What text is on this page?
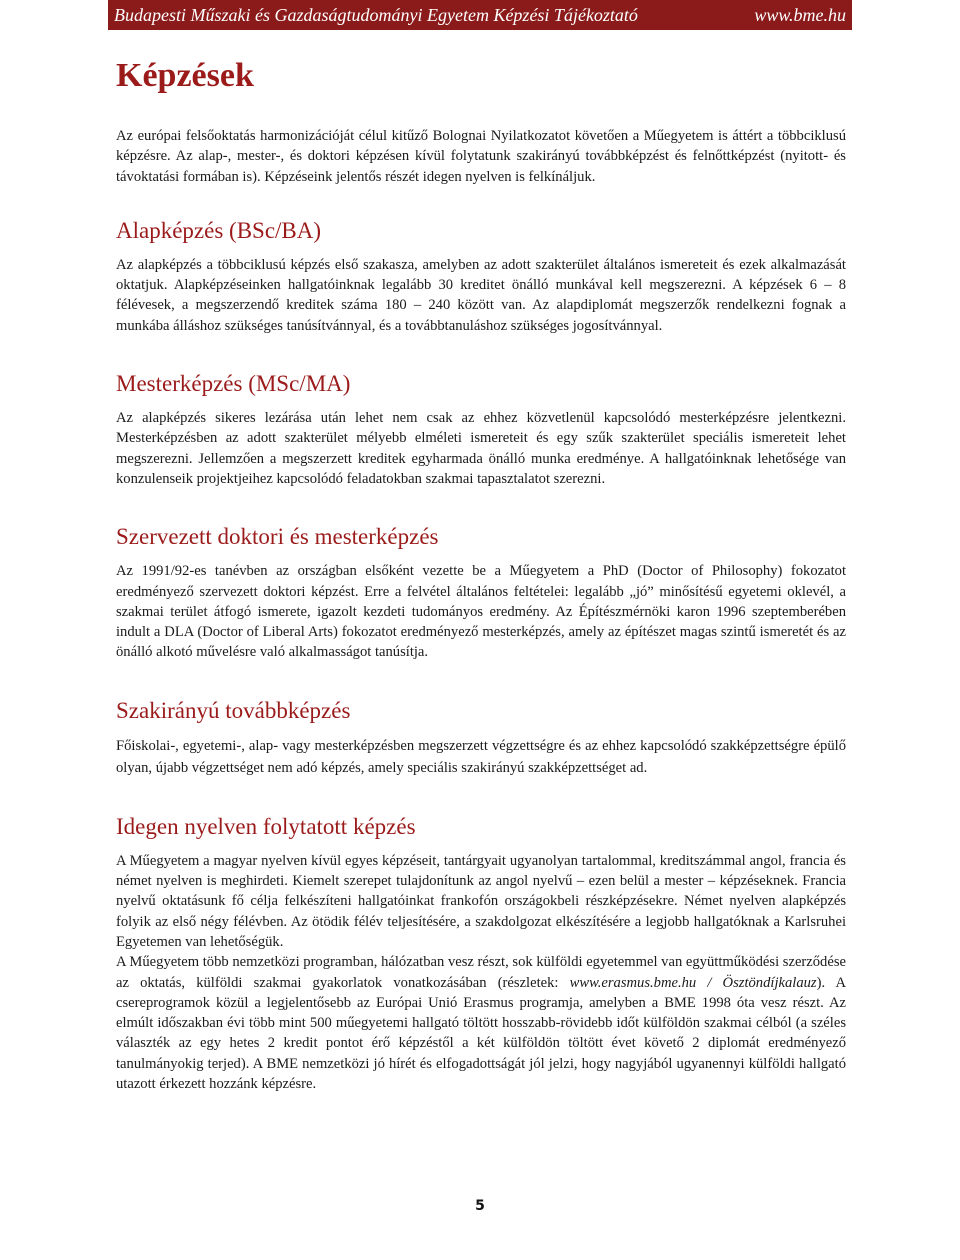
Budapesti Műszaki és Gazdaságtudományi Egyetem Képzési Tájékoztató	www.bme.hu
Képzések

Az európai felsőoktatás harmonizációját célul kitűző Bolognai Nyilatkozatot követően a Műegyetem is áttért a többciklusú képzésre. Az alap-, mester-, és doktori képzésen kívül folytatunk szakirányú továbbképzést és felnőttképzést (nyitott- és távoktatási formában is). Képzéseink jelentős részét idegen nyelven is felkínáljuk.

Alapképzés (BSc/BA)

Az alapképzés a többciklusú képzés első szakasza, amelyben az adott szakterület általános ismereteit és ezek alkalmazását oktatjuk. Alapképzéseinken hallgatóinknak legalább 30 kreditet önálló munkával kell megszerezni. A képzések 6 – 8 félévesek, a megszerzendő kreditek száma 180 – 240 között van. Az alapdiplomát megszerzők rendelkezni fognak a munkába álláshoz szükséges tanúsítvánnyal, és a továbbtanuláshoz szükséges jogosítvánnyal.

Mesterképzés (MSc/MA)

Az alapképzés sikeres lezárása után lehet nem csak az ehhez közvetlenül kapcsolódó mesterképzésre jelentkezni. Mesterképzésben az adott szakterület mélyebb elméleti ismereteit és egy szűk szakterület speciális ismereteit lehet megszerezni. Jellemzően a megszerzett kreditek egyharmada önálló munka eredménye. A hallgatóinknak lehetősége van konzulenseik projektjeihez kapcsolódó feladatokban szakmai tapasztalatot szerezni.

Szervezett doktori és mesterképzés

Az 1991/92-es tanévben az országban elsőként vezette be a Műegyetem a PhD (Doctor of Philosophy) fokozatot eredményező szervezett doktori képzést. Erre a felvétel általános feltételei: legalább „jó” minősítésű egyetemi oklevél, a szakmai terület átfogó ismerete, igazolt kezdeti tudományos eredmény. Az Építészmérnöki karon 1996 szeptemberében indult a DLA (Doctor of Liberal Arts) fokozatot eredményező mesterképzés, amely az építészet magas szintű ismeretét és az önálló alkotó művelésre való alkalmasságot tanúsítja.

Szakirányú továbbképzés

Főiskolai-, egyetemi-, alap- vagy mesterképzésben megszerzett végzettségre és az ehhez kapcsolódó szakképzettségre épülő olyan, újabb végzettséget nem adó képzés, amely speciális szakirányú szakképzettséget ad.

Idegen nyelven folytatott képzés

A Műegyetem a magyar nyelven kívül egyes képzéseit, tantárgyait ugyanolyan tartalommal, kreditszámmal angol, francia és német nyelven is meghirdeti. Kiemelt szerepet tulajdonítunk az angol nyelvű – ezen belül a mester – képzéseknek. Francia nyelvű oktatásunk fő célja felkészíteni hallgatóinkat frankofón országokbeli részképzésekre. Német nyelven alapképzés folyik az első négy félévben. Az ötödik félév teljesítésére, a szakdolgozat elkészítésére a legjobb hallgatóknak a Karlsruhei Egyetemen van lehetőségük.

A Műegyetem több nemzetközi programban, hálózatban vesz részt, sok külföldi egyetemmel van együttműködési szerződése az oktatás, külföldi szakmai gyakorlatok vonatkozásában (részletek: www.erasmus.bme.hu / Ösztöndíjkalauz). A csereprogramok közül a legjelentősebb az Európai Unió Erasmus programja, amelyben a BME 1998 óta vesz részt. Az elmúlt időszakban évi több mint 500 műegyetemi hallgató töltött hosszabb-rövidebb időt külföldön szakmai célból (a széles választék az egy hetes 2 kredit pontot érő képzéstől a két külföldön töltött évet követő 2 diplomát eredményező tanulmányokig terjed). A BME nemzetközi jó hírét és elfogadottságát jól jelzi, hogy nagyjából ugyanennyi külföldi hallgató utazott érkezett hozzánk képzésre.

5
